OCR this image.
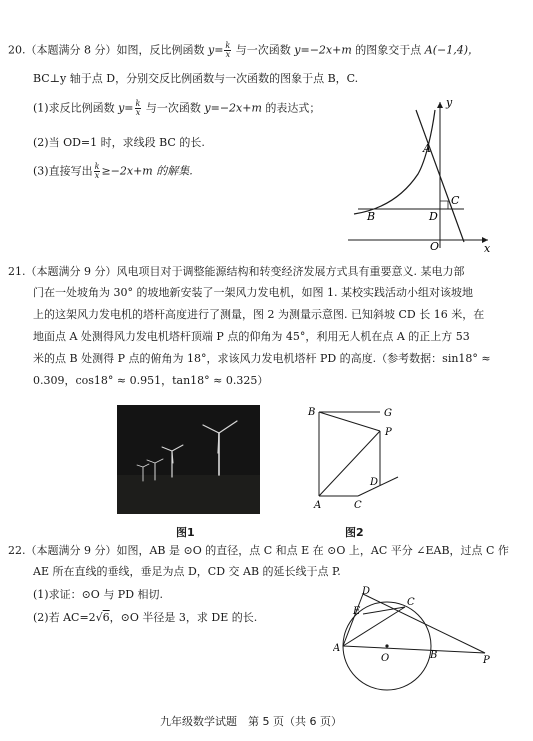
20.（本题满分 8 分）如图，反比例函数 $y= \frac{k}{x}$ 与一次函数 y=−2x+m 的图象交于点 A(−1,4)，
BC⊥y 轴于点 D，分别交反比例函数与一次函数的图象于点 B，C.
(1)求反比例函数 $y= \frac{k}{x}$ 与一次函数 y=−2x+m 的表达式；
(2)当 OD=1 时，求线段 BC 的长.
(3)直接写出 $\frac{k}{x} \ge-2x+m$ 的解集.
A
B
C
D
O	x
y
21.（本题满分 9 分）风电项目对于调整能源结构和转变经济发展方式具有重要意义. 某电力部
门在一处坡角为 30° 的坡地新安装了一架风力发电机，如图 1. 某校实践活动小组对该坡地
上的这架风力发电机的塔杆高度进行了测量，图 2 为测量示意图. 已知斜坡 CD 长 16 米，在
地面点 A 处测得风力发电机塔杆顶端 P 点的仰角为 45°，利用无人机在点 A 的正上方 53
米的点 B 处测得 P 点的俯角为 18°，求该风力发电机塔杆 PD 的高度.（参考数据：sin18° ≈
0.309，cos18° ≈ 0.951，tan18° ≈ 0.325）
图1
B	G
P
D
A	C
图2
22.（本题满分 9 分）如图，AB 是 ⊙O 的直径，点 C 和点 E 在 ⊙O 上，AC 平分 ∠EAB，过点 C 作
AE 所在直线的垂线，垂足为点 D，CD 交 AB 的延长线于点 P.
(1)求证：⊙O 与 PD 相切.
(2)若 AC=2√6，⊙O 半径是 3，求 DE 的长.
A
B
C
D
E
O	P
九年级数学试题　第 5 页（共 6 页）
